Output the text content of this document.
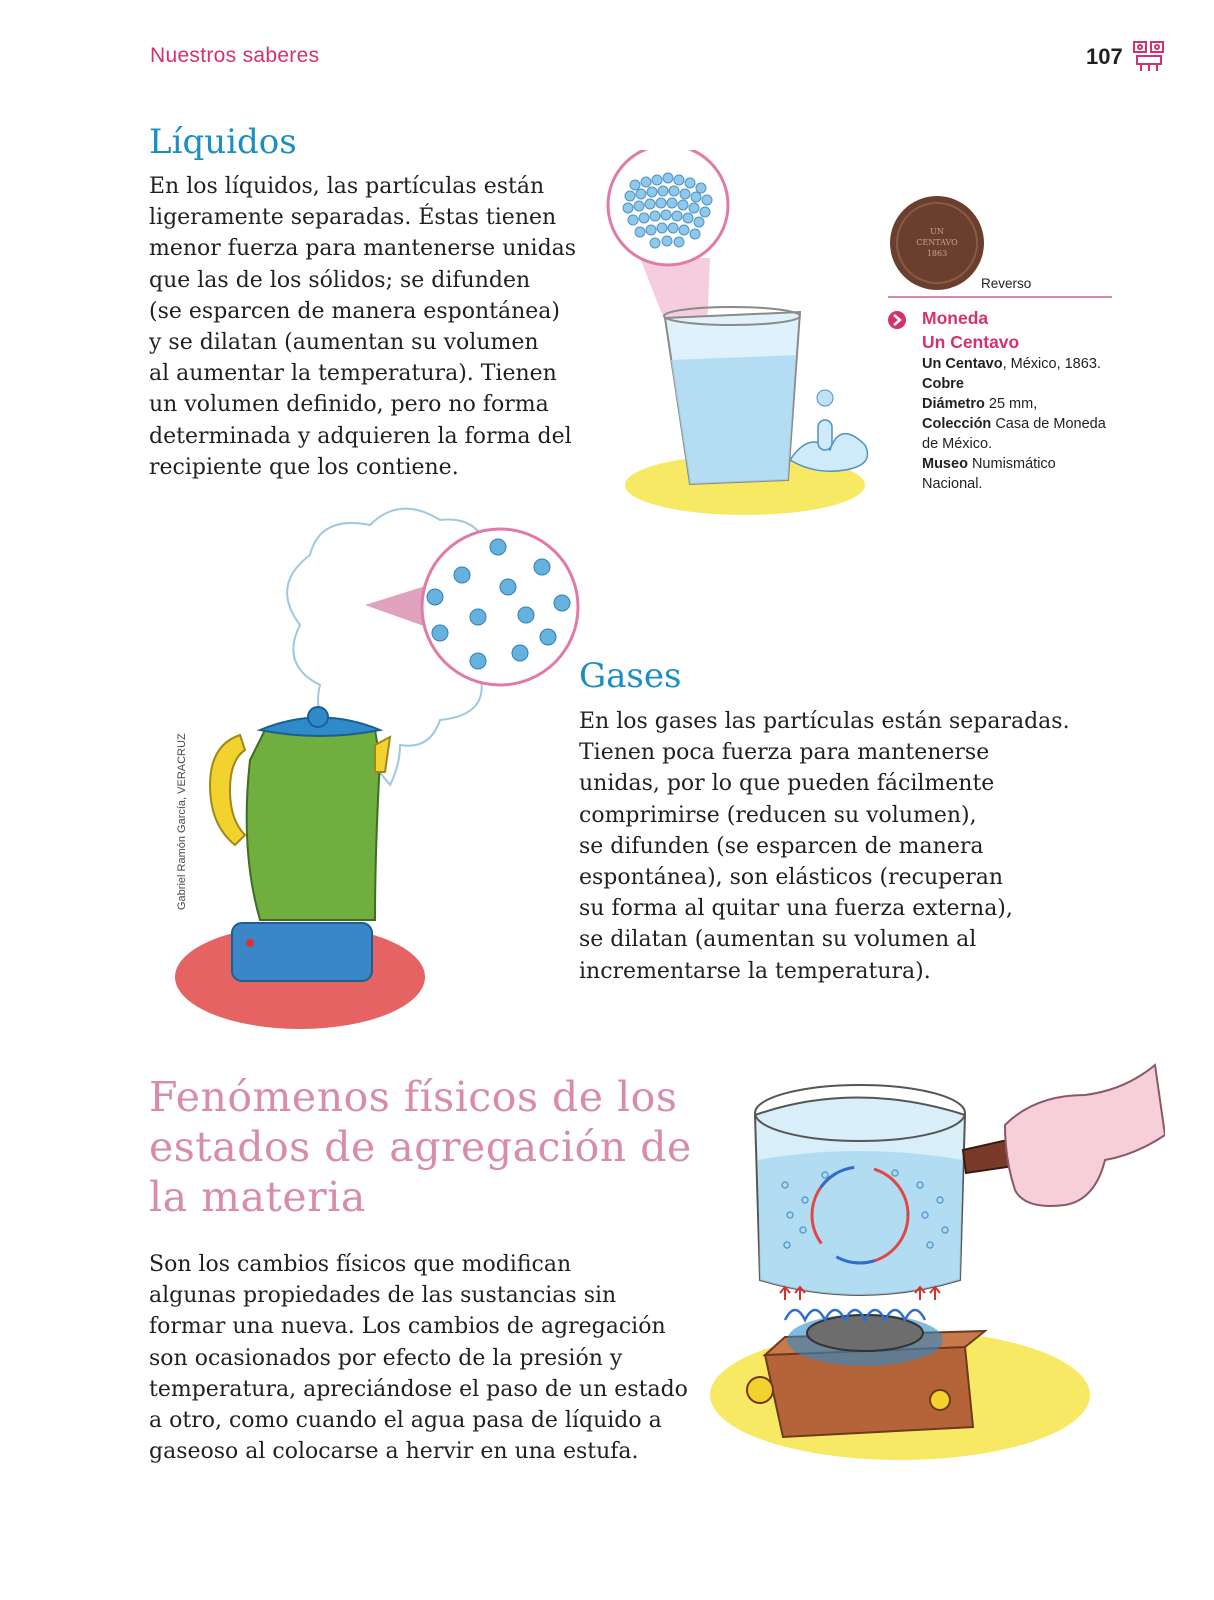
Nuestros saberes	107
Líquidos

En los líquidos, las partículas están
ligeramente separadas. Éstas tienen
menor fuerza para mantenerse unidas
que las de los sólidos; se difunden
(se esparcen de manera espontánea)
y se dilatan (aumentan su volumen
al aumentar la temperatura). Tienen
un volumen definido, pero no forma
determinada y adquieren la forma del
recipiente que los contiene.

UN
CENTAVO
1863
Reverso
Moneda
Un Centavo
Un Centavo, México, 1863.
Cobre
Diámetro 25 mm,
Colección Casa de Moneda
de México.
Museo Numismático
Nacional.
Gabriel Ramón García, VERACRUZ
Gases

En los gases las partículas están separadas.
Tienen poca fuerza para mantenerse
unidas, por lo que pueden fácilmente
comprimirse (reducen su volumen),
se difunden (se esparcen de manera
espontánea), son elásticos (recuperan
su forma al quitar una fuerza externa),
se dilatan (aumentan su volumen al
incrementarse la temperatura).

Fenómenos físicos de los
estados de agregación de
la materia

Son los cambios físicos que modifican
algunas propiedades de las sustancias sin
formar una nueva. Los cambios de agregación
son ocasionados por efecto de la presión y
temperatura, apreciándose el paso de un estado
a otro, como cuando el agua pasa de líquido a
gaseoso al colocarse a hervir en una estufa.
